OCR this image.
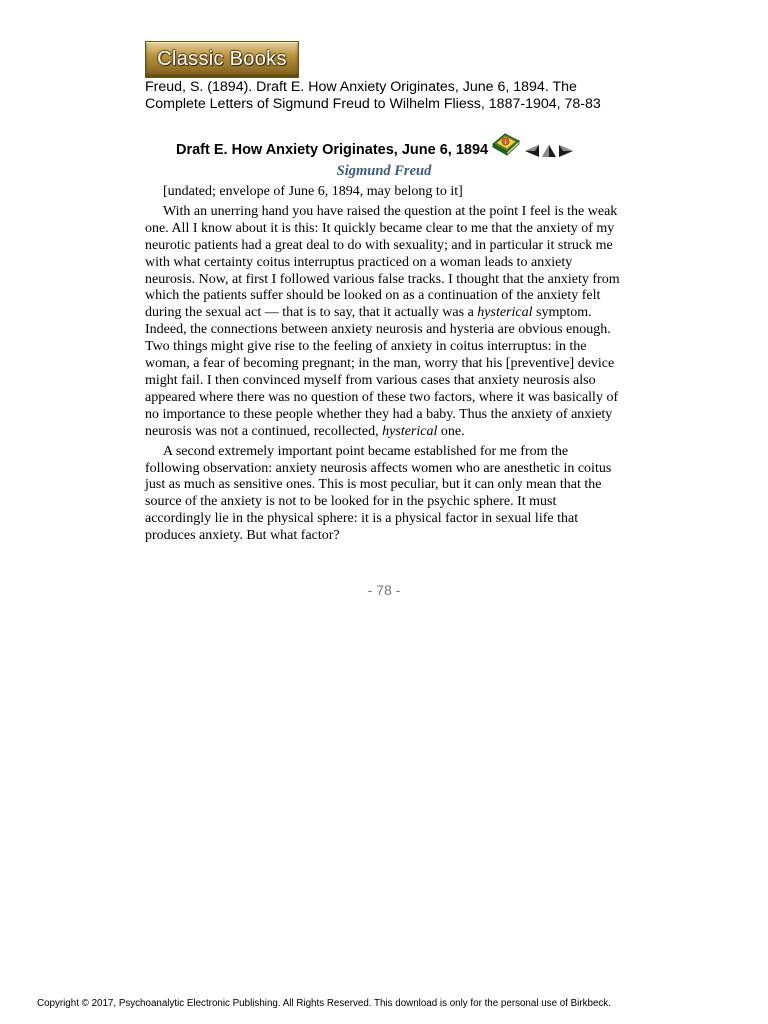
Classic Books
Freud, S. (1894). Draft E. How Anxiety Originates, June 6, 1894. The Complete Letters of Sigmund Freud to Wilhelm Fliess, 1887-1904, 78-83
Draft E. How Anxiety Originates, June 6, 1894
Sigmund Freud

[undated; envelope of June 6, 1894, may belong to it]

With an unerring hand you have raised the question at the point I feel is the weak one. All I know about it is this: It quickly became clear to me that the anxiety of my neurotic patients had a great deal to do with sexuality; and in particular it struck me with what certainty coitus interruptus practiced on a woman leads to anxiety neurosis. Now, at first I followed various false tracks. I thought that the anxiety from which the patients suffer should be looked on as a continuation of the anxiety felt during the sexual act — that is to say, that it actually was a hysterical symptom. Indeed, the connections between anxiety neurosis and hysteria are obvious enough. Two things might give rise to the feeling of anxiety in coitus interruptus: in the woman, a fear of becoming pregnant; in the man, worry that his [preventive] device might fail. I then convinced myself from various cases that anxiety neurosis also appeared where there was no question of these two factors, where it was basically of no importance to these people whether they had a baby. Thus the anxiety of anxiety neurosis was not a continued, recollected, hysterical one.

A second extremely important point became established for me from the following observation: anxiety neurosis affects women who are anesthetic in coitus just as much as sensitive ones. This is most peculiar, but it can only mean that the source of the anxiety is not to be looked for in the psychic sphere. It must accordingly lie in the physical sphere: it is a physical factor in sexual life that produces anxiety. But what factor?

- 78 -
Copyright © 2017, Psychoanalytic Electronic Publishing. All Rights Reserved. This download is only for the personal use of Birkbeck.
